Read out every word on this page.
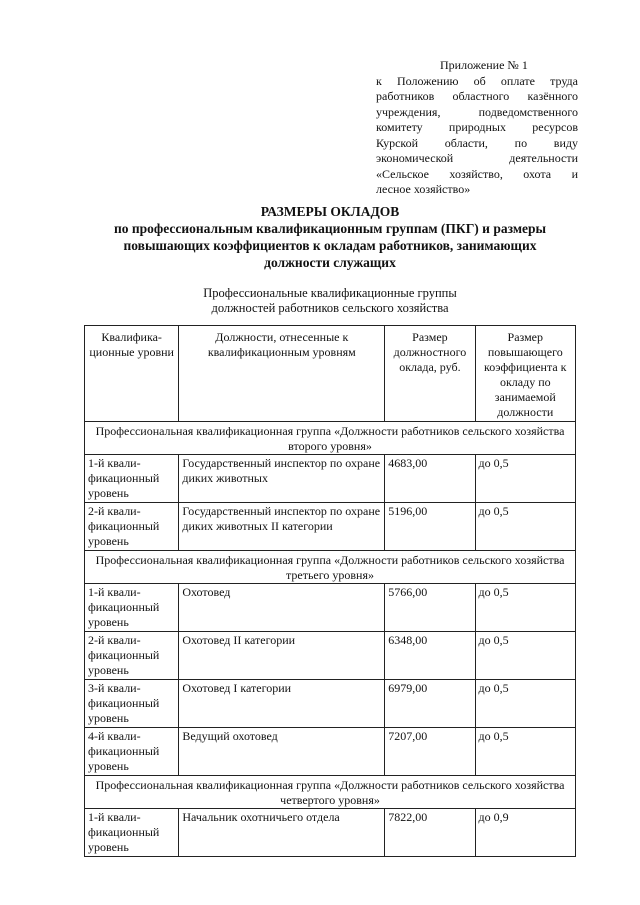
Приложение № 1
к Положению об оплате труда
работников областного казённого
учреждения, подведомственного
комитету природных ресурсов
Курской области, по виду
экономической деятельности
«Сельское хозяйство, охота и
лесное хозяйство»
РАЗМЕРЫ ОКЛАДОВ
по профессиональным квалификационным группам (ПКГ) и размеры
повышающих коэффициентов к окладам работников, занимающих
должности служащих
Профессиональные квалификационные группы
должностей работников сельского хозяйства
Квалифика-ционные уровни	Должности, отнесенные к квалификационным уровням	Размер должностного оклада, руб.	Размер повышающего коэффициента к окладу по занимаемой должности
Профессиональная квалификационная группа «Должности работников сельского хозяйства второго уровня»			
1-й квали-фикационный уровень	Государственный инспектор по охране диких животных	4683,00	до 0,5
2-й квали-фикационный уровень	Государственный инспектор по охране диких животных II категории	5196,00	до 0,5
Профессиональная квалификационная группа «Должности работников сельского хозяйства третьего уровня»			
1-й квали-фикационный уровень	Охотовед	5766,00	до 0,5
2-й квали-фикационный уровень	Охотовед II категории	6348,00	до 0,5
3-й квали-фикационный уровень	Охотовед I категории	6979,00	до 0,5
4-й квали-фикационный уровень	Ведущий охотовед	7207,00	до 0,5
Профессиональная квалификационная группа «Должности работников сельского хозяйства четвертого уровня»			
1-й квали-фикационный уровень	Начальник охотничьего отдела	7822,00	до 0,9
